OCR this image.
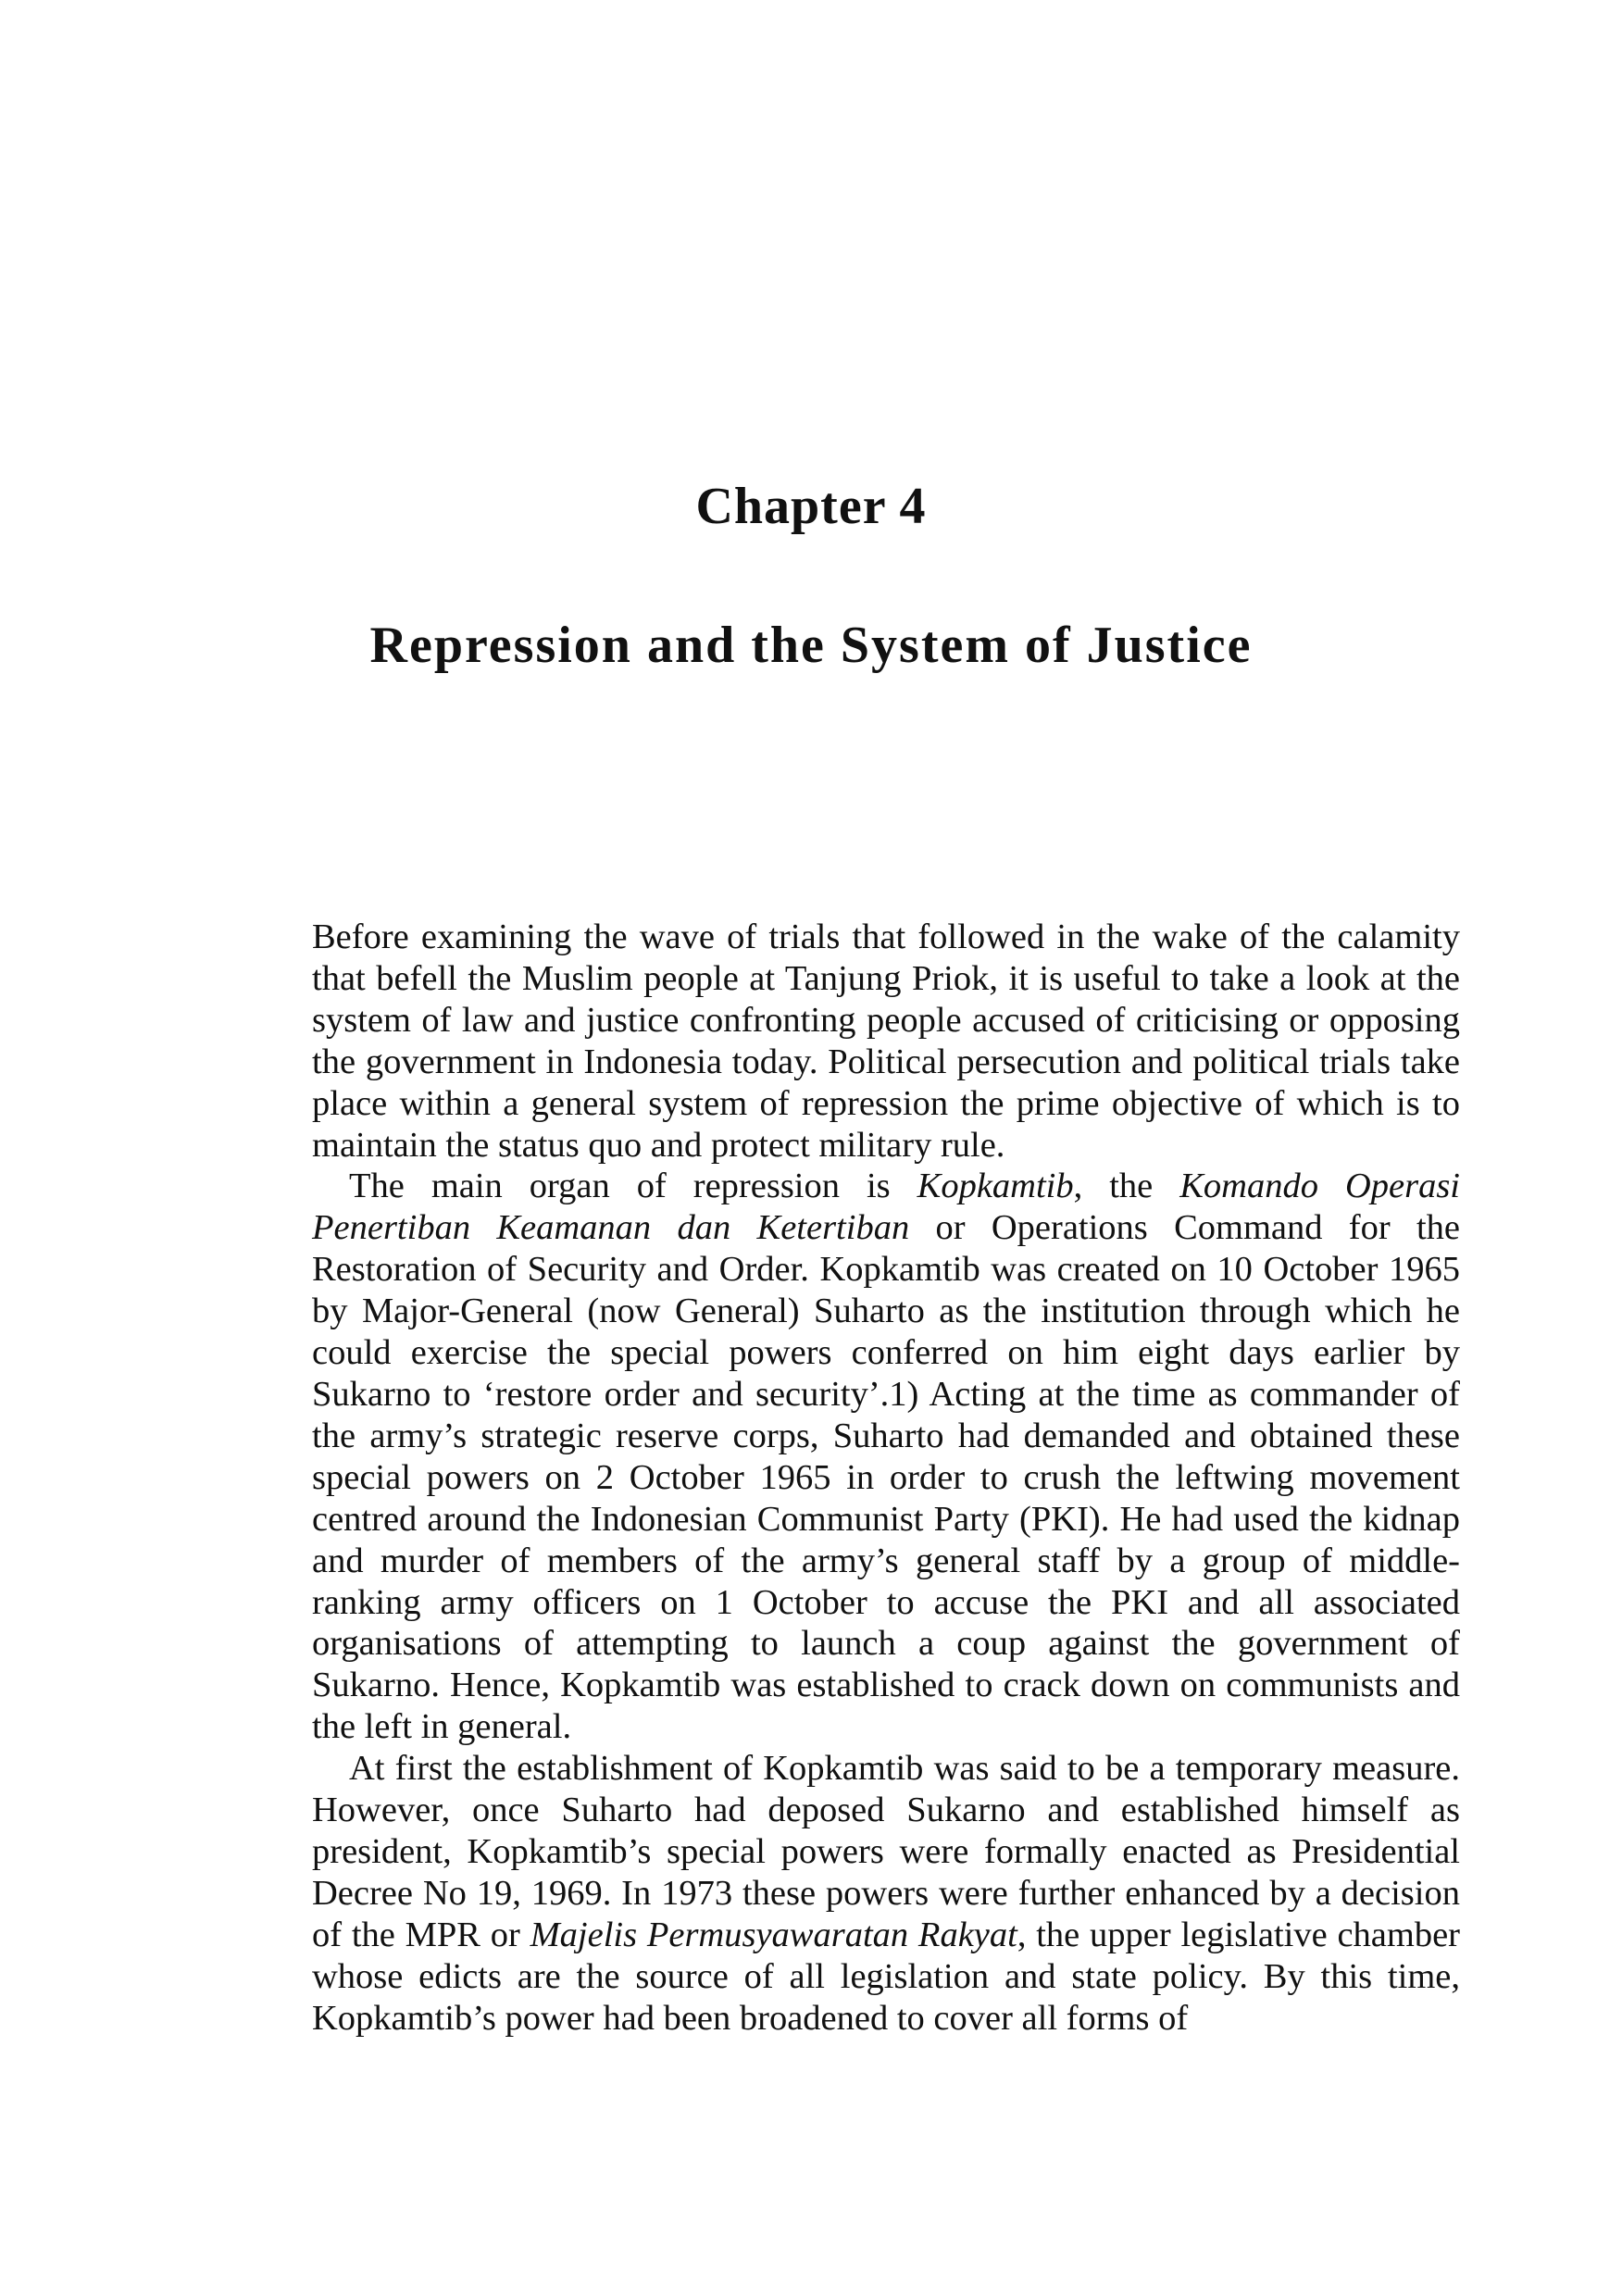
Chapter 4
Repression and the System of Justice

Before examining the wave of trials that followed in the wake of the calamity that befell the Muslim people at Tanjung Priok, it is useful to take a look at the system of law and justice confronting people accused of criticising or opposing the government in Indonesia today. Political persecution and political trials take place within a general system of repression the prime objective of which is to maintain the status quo and protect military rule.

The main organ of repression is Kopkamtib, the Komando Operasi Penertiban Keamanan dan Ketertiban or Operations Command for the Restoration of Security and Order. Kopkamtib was created on 10 October 1965 by Major-General (now General) Suharto as the institution through which he could exercise the special powers conferred on him eight days earlier by Sukarno to ‘restore order and security’.1) Acting at the time as commander of the army’s strategic reserve corps, Suharto had demanded and obtained these special powers on 2 October 1965 in order to crush the leftwing movement centred around the Indonesian Communist Party (PKI). He had used the kidnap and murder of members of the army’s general staff by a group of middle-ranking army officers on 1 October to accuse the PKI and all associated organisations of attempting to launch a coup against the government of Sukarno. Hence, Kopkamtib was established to crack down on communists and the left in general.

At first the establishment of Kopkamtib was said to be a temporary measure. However, once Suharto had deposed Sukarno and established himself as president, Kopkamtib’s special powers were formally enacted as Presidential Decree No 19, 1969. In 1973 these powers were further enhanced by a decision of the MPR or Majelis Permusyawaratan Rakyat, the upper legislative chamber whose edicts are the source of all legislation and state policy. By this time, Kopkamtib’s power had been broadened to cover all forms of
